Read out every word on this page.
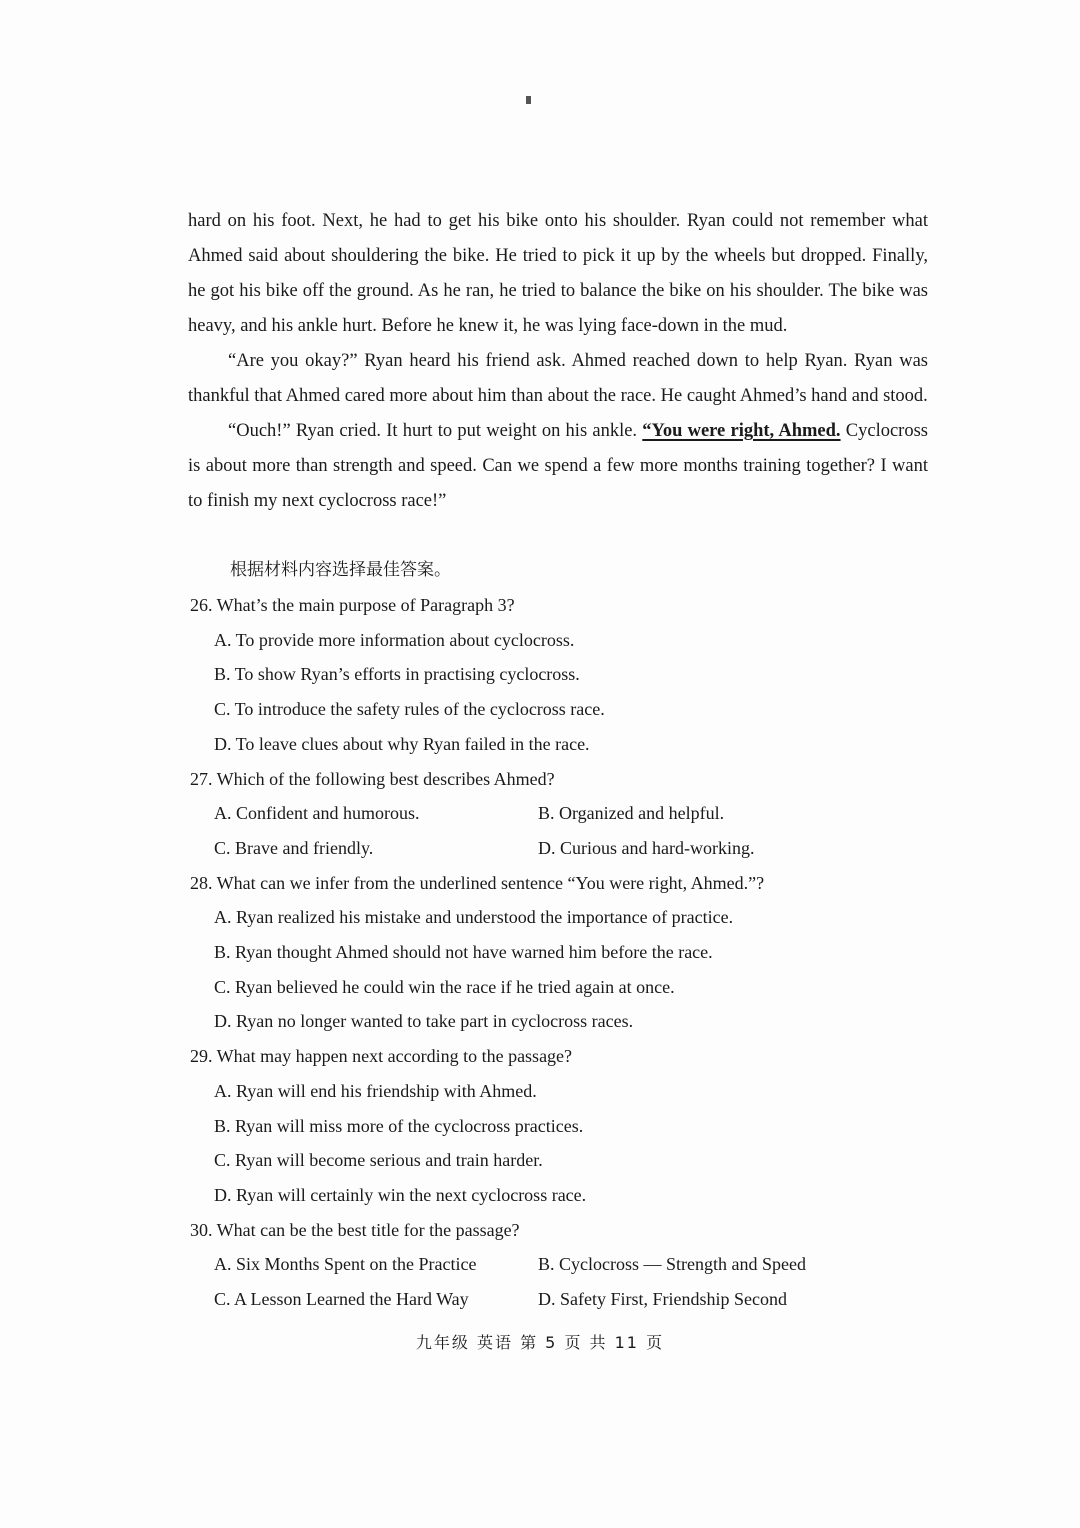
hard on his foot. Next, he had to get his bike onto his shoulder. Ryan could not remember what Ahmed said about shouldering the bike. He tried to pick it up by the wheels but dropped. Finally, he got his bike off the ground. As he ran, he tried to balance the bike on his shoulder. The bike was heavy, and his ankle hurt. Before he knew it, he was lying face-down in the mud.

“Are you okay?” Ryan heard his friend ask. Ahmed reached down to help Ryan. Ryan was thankful that Ahmed cared more about him than about the race. He caught Ahmed’s hand and stood.

“Ouch!” Ryan cried. It hurt to put weight on his ankle. “You were right, Ahmed. Cyclocross is about more than strength and speed. Can we spend a few more months training together? I want to finish my next cyclocross race!”

根据材料内容选择最佳答案。

26. What’s the main purpose of Paragraph 3?

A. To provide more information about cyclocross.

B. To show Ryan’s efforts in practising cyclocross.

C. To introduce the safety rules of the cyclocross race.

D. To leave clues about why Ryan failed in the race.

27. Which of the following best describes Ahmed?

A. Confident and humorous.	B. Organized and helpful.
C. Brave and friendly.	D. Curious and hard-working.

28. What can we infer from the underlined sentence “You were right, Ahmed.”?

A. Ryan realized his mistake and understood the importance of practice.

B. Ryan thought Ahmed should not have warned him before the race.

C. Ryan believed he could win the race if he tried again at once.

D. Ryan no longer wanted to take part in cyclocross races.

29. What may happen next according to the passage?

A. Ryan will end his friendship with Ahmed.

B. Ryan will miss more of the cyclocross practices.

C. Ryan will become serious and train harder.

D. Ryan will certainly win the next cyclocross race.

30. What can be the best title for the passage?

A. Six Months Spent on the Practice	B. Cyclocross — Strength and Speed
C. A Lesson Learned the Hard Way	D. Safety First, Friendship Second
九年级 英语 第 5 页 共 11 页
